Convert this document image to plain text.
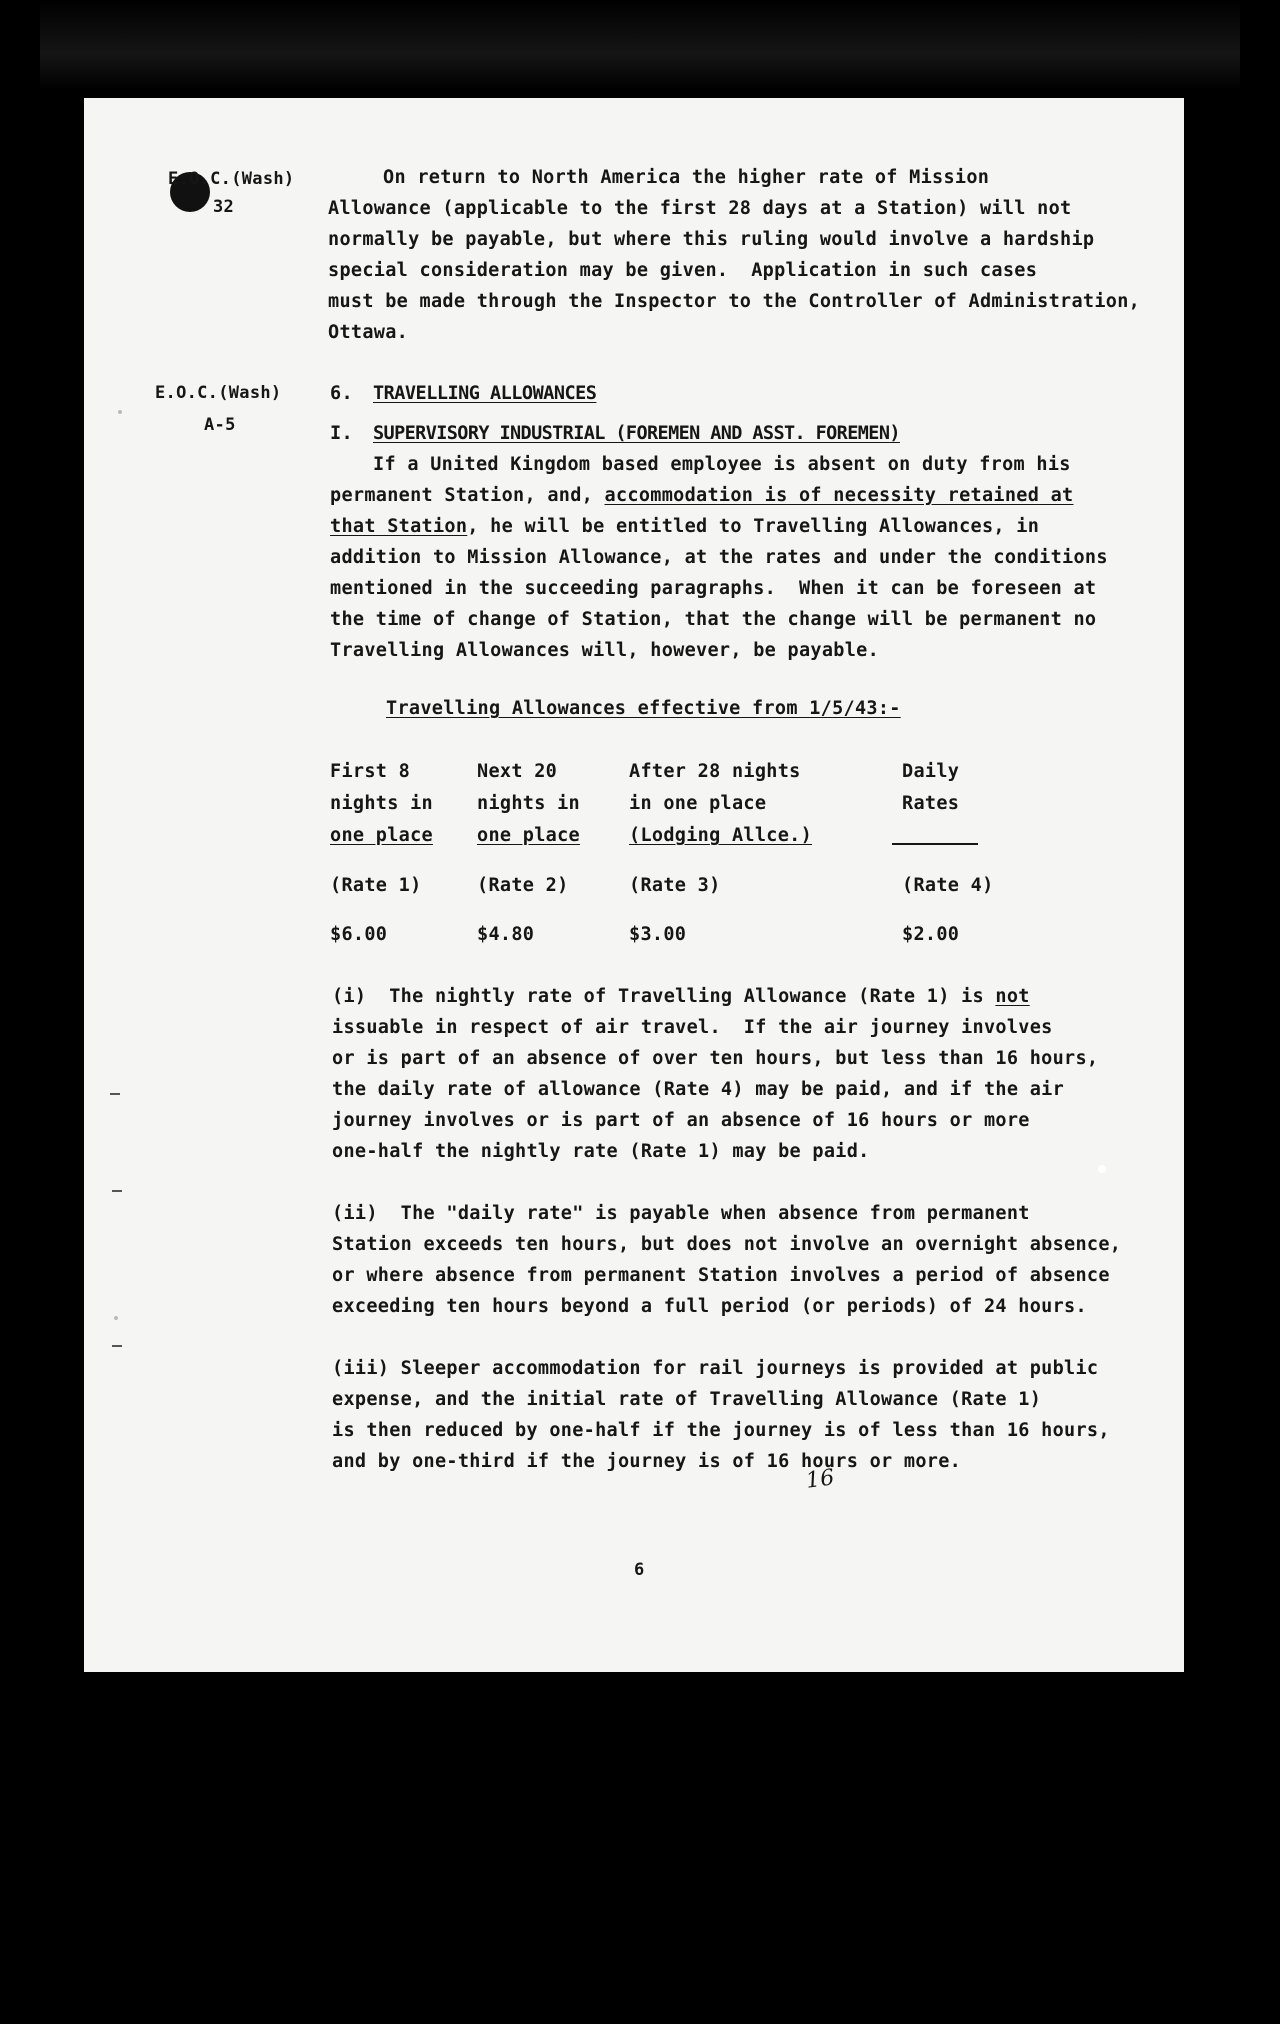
E.O.C.(Wash)

32

E.O.C.(Wash)

A-5

On return to North America the higher rate of Mission

Allowance (applicable to the first 28 days at a Station) will not

normally be payable, but where this ruling would involve a hardship

special consideration may be given.  Application in such cases

must be made through the Inspector to the Controller of Administration,

Ottawa.

6. TRAVELLING ALLOWANCES

I. SUPERVISORY INDUSTRIAL (FOREMEN AND ASST. FOREMEN)

If a United Kingdom based employee is absent on duty from his

permanent Station, and, accommodation is of necessity retained at

that Station, he will be entitled to Travelling Allowances, in

addition to Mission Allowance, at the rates and under the conditions

mentioned in the succeeding paragraphs.  When it can be foreseen at

the time of change of Station, that the change will be permanent no

Travelling Allowances will, however, be payable.

Travelling Allowances effective from 1/5/43:-

First 8

nights in

one place

(Rate 1)

$6.00

Next 20

nights in

one place

(Rate 2)

$4.80

After 28 nights

in one place

(Lodging Allce.)

(Rate 3)

$3.00

Daily

Rates

(Rate 4)

$2.00

(i)  The nightly rate of Travelling Allowance (Rate 1) is not

issuable in respect of air travel.  If the air journey involves

or is part of an absence of over ten hours, but less than 16 hours,

the daily rate of allowance (Rate 4) may be paid, and if the air

journey involves or is part of an absence of 16 hours or more

one-half the nightly rate (Rate 1) may be paid.

(ii)  The "daily rate" is payable when absence from permanent

Station exceeds ten hours, but does not involve an overnight absence,

or where absence from permanent Station involves a period of absence

exceeding ten hours beyond a full period (or periods) of 24 hours.

(iii) Sleeper accommodation for rail journeys is provided at public

expense, and the initial rate of Travelling Allowance (Rate 1)

is then reduced by one-half if the journey is of less than 16 hours,

and by one-third if the journey is of 16 hours or more.

16

6
